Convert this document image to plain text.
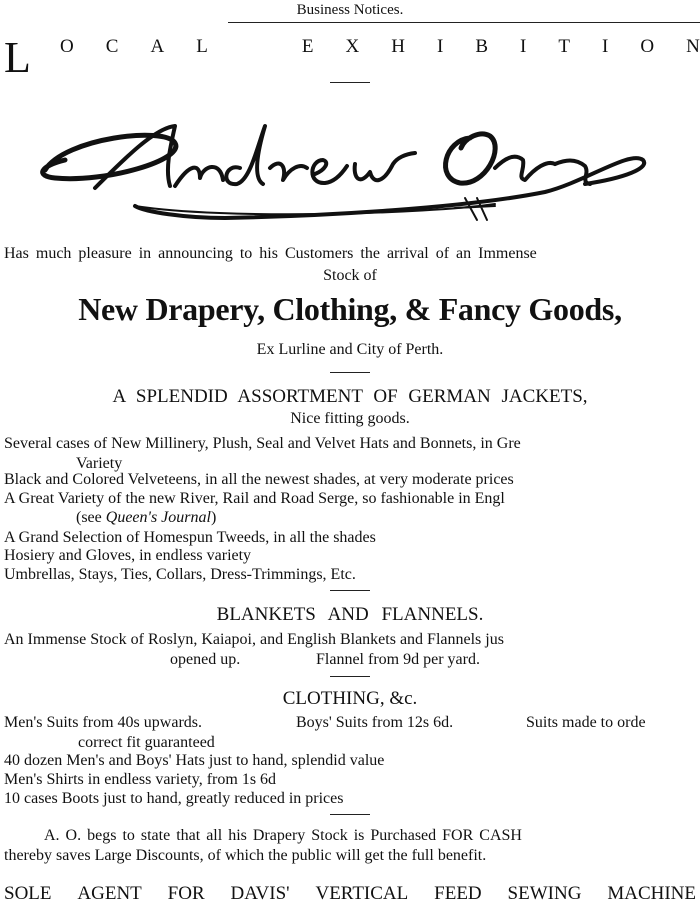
Business Notices.
L O C A L	E X H I B I T I O N
Has much pleasure in announcing to his Customers the arrival of an Immense
Stock of
New Drapery, Clothing, & Fancy Goods,
Ex Lurline and City of Perth.
A SPLENDID ASSORTMENT OF GERMAN JACKETS,
Nice fitting goods.
Several cases of New Millinery, Plush, Seal and Velvet Hats and Bonnets, in Gre
Variety
Black and Colored Velveteens, in all the newest shades, at very moderate prices
A Great Variety of the new River, Rail and Road Serge, so fashionable in Engl
(see Queen's Journal)
A Grand Selection of Homespun Tweeds, in all the shades
Hosiery and Gloves, in endless variety
Umbrellas, Stays, Ties, Collars, Dress-Trimmings, Etc.
BLANKETS AND FLANNELS.
An Immense Stock of Roslyn, Kaiapoi, and English Blankets and Flannels jus
opened up.	Flannel from 9d per yard.
CLOTHING, &c.
Men's Suits from 40s upwards.	Boys' Suits from 12s 6d.	Suits made to orde
correct fit guaranteed
40 dozen Men's and Boys' Hats just to hand, splendid value
Men's Shirts in endless variety, from 1s 6d
10 cases Boots just to hand, greatly reduced in prices
A. O. begs to state that all his Drapery Stock is Purchased FOR CASH
thereby saves Large Discounts, of which the public will get the full benefit.
SOLE AGENT FOR DAVIS' VERTICAL FEED SEWING MACHINE
